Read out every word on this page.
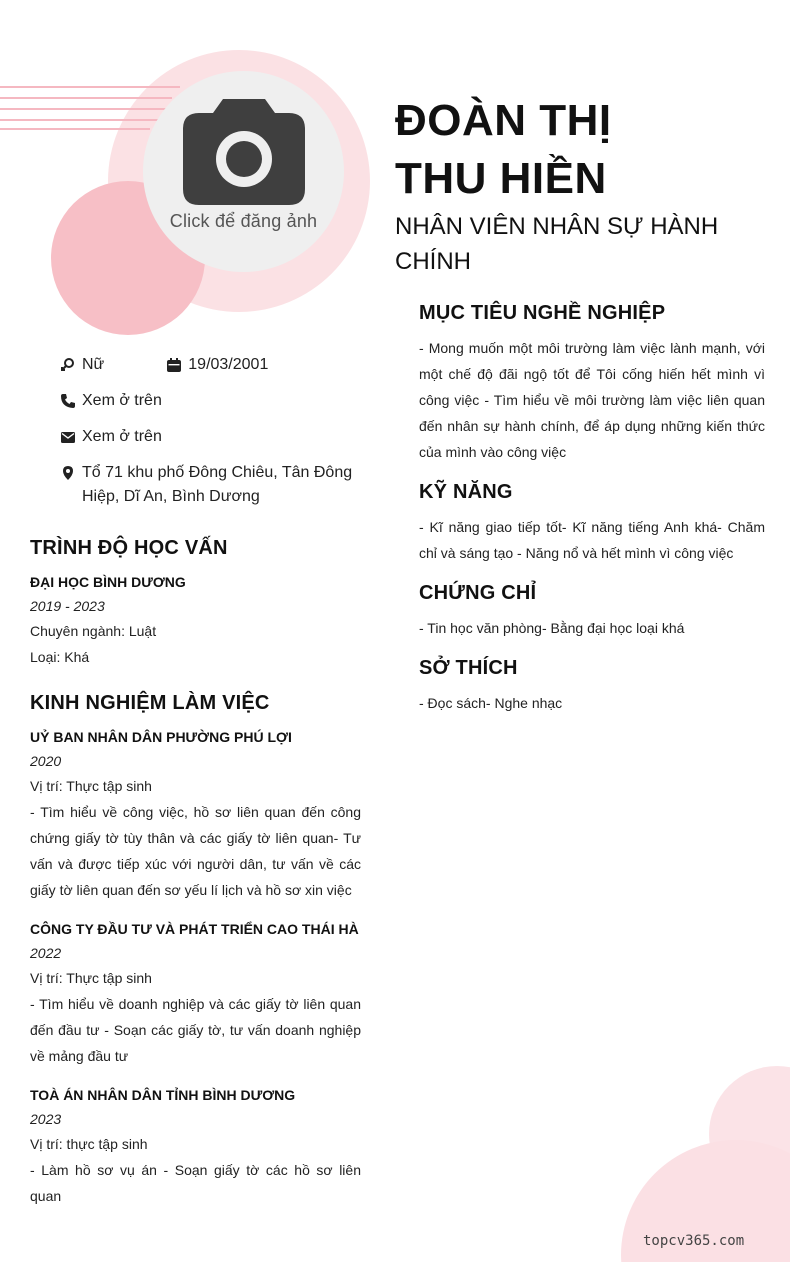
Click để đăng ảnh
ĐOÀN THỊ
THU HIỀN
NHÂN VIÊN NHÂN SỰ HÀNH CHÍNH
Nữ	19/03/2001
Xem ở trên
Xem ở trên
Tổ 71 khu phố Đông Chiêu, Tân Đông Hiệp, Dĩ An, Bình Dương
TRÌNH ĐỘ HỌC VẤN
ĐẠI HỌC BÌNH DƯƠNG
2019 - 2023
Chuyên ngành: Luật
Loại: Khá
KINH NGHIỆM LÀM VIỆC
UỶ BAN NHÂN DÂN PHƯỜNG PHÚ LỢI
2020
Vị trí: Thực tập sinh
- Tìm hiểu về công việc, hồ sơ liên quan đến công chứng giấy tờ tùy thân và các giấy tờ liên quan- Tư vấn và được tiếp xúc với người dân, tư vấn về các giấy tờ liên quan đến sơ yếu lí lịch và hồ sơ xin việc
CÔNG TY ĐẦU TƯ VÀ PHÁT TRIỂN CAO THÁI HÀ
2022
Vị trí: Thực tập sinh
- Tìm hiểu về doanh nghiệp và các giấy tờ liên quan đến đầu tư - Soạn các giấy tờ, tư vấn doanh nghiệp về mảng đầu tư
TOÀ ÁN NHÂN DÂN TỈNH BÌNH DƯƠNG
2023
Vị trí: thực tập sinh
- Làm hồ sơ vụ án - Soạn giấy tờ các hồ sơ liên quan
MỤC TIÊU NGHỀ NGHIỆP
- Mong muốn một môi trường làm việc lành mạnh, với một chế độ đãi ngộ tốt để Tôi cống hiến hết mình vì công việc - Tìm hiểu về môi trường làm việc liên quan đến nhân sự hành chính, để áp dụng những kiến thức của mình vào công việc
KỸ NĂNG
- Kĩ năng giao tiếp tốt- Kĩ năng tiếng Anh khá- Chăm chỉ và sáng tạo - Năng nổ và hết mình vì công việc
CHỨNG CHỈ
- Tin học văn phòng- Bằng đại học loại khá
SỞ THÍCH
- Đọc sách- Nghe nhạc
topcv365.com
